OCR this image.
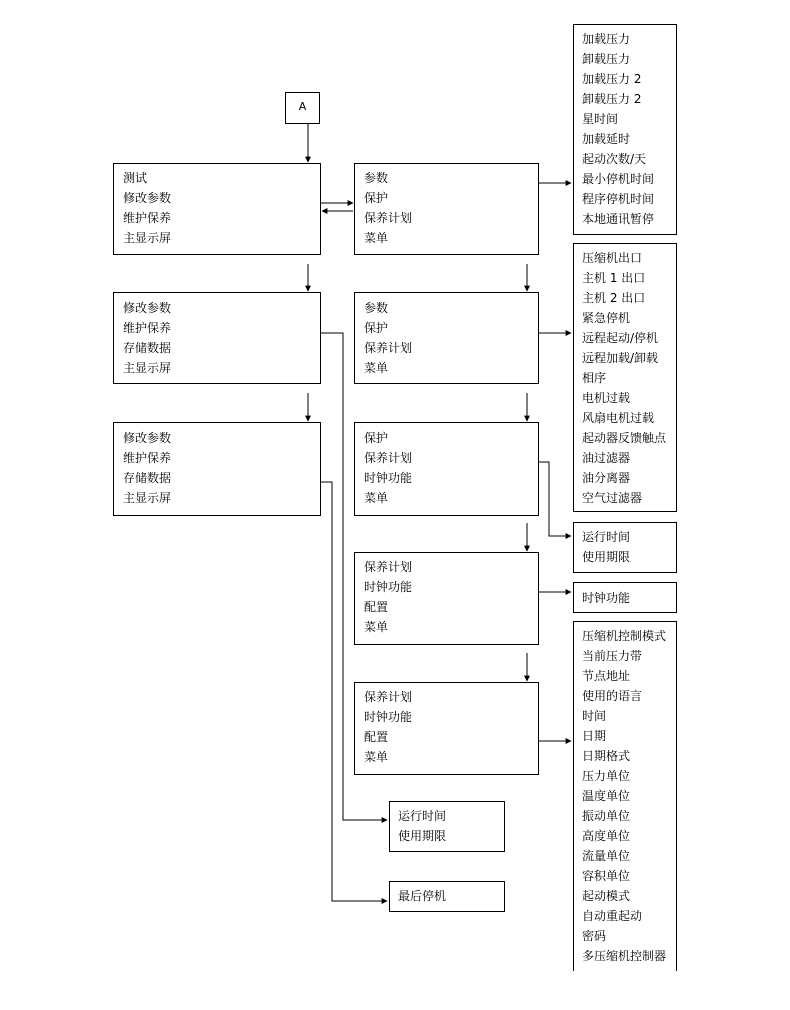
A
测试
修改参数
维护保养
主显示屏
修改参数
维护保养
存储数据
主显示屏
修改参数
维护保养
存储数据
主显示屏
参数
保护
保养计划
菜单
参数
保护
保养计划
菜单
保护
保养计划
时钟功能
菜单
保养计划
时钟功能
配置
菜单
保养计划
时钟功能
配置
菜单
加载压力
卸载压力
加载压力 2
卸载压力 2
星时间
加载延时
起动次数/天
最小停机时间
程序停机时间
本地通讯暂停
压缩机出口
主机 1 出口
主机 2 出口
紧急停机
远程起动/停机
远程加载/卸载
相序
电机过载
风扇电机过载
起动器反馈触点
油过滤器
油分离器
空气过滤器
运行时间
使用期限
时钟功能
压缩机控制模式
当前压力带
节点地址
使用的语言
时间
日期
日期格式
压力单位
温度单位
振动单位
高度单位
流量单位
容积单位
起动模式
自动重起动
密码
多压缩机控制器
运行时间
使用期限
最后停机
